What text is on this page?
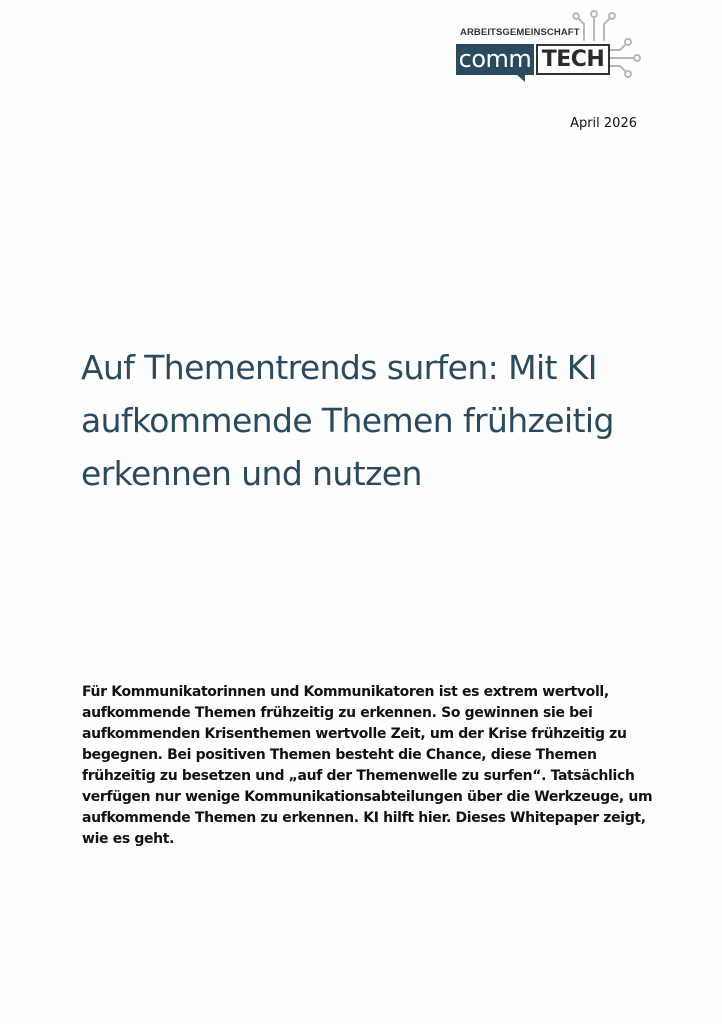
ARBEITSGEMEINSCHAFT
comm TECH
April 2026
Auf Thementrends surfen: Mit KI aufkommende Themen frühzeitig erkennen und nutzen

Für Kommunikatorinnen und Kommunikatoren ist es extrem wertvoll, aufkommende Themen frühzeitig zu erkennen. So gewinnen sie bei aufkommenden Krisenthemen wertvolle Zeit, um der Krise frühzeitig zu begegnen. Bei positiven Themen besteht die Chance, diese Themen frühzeitig zu besetzen und „auf der Themenwelle zu surfen“. Tatsächlich verfügen nur wenige Kommunikationsabteilungen über die Werkzeuge, um aufkommende Themen zu erkennen. KI hilft hier. Dieses Whitepaper zeigt, wie es geht.
